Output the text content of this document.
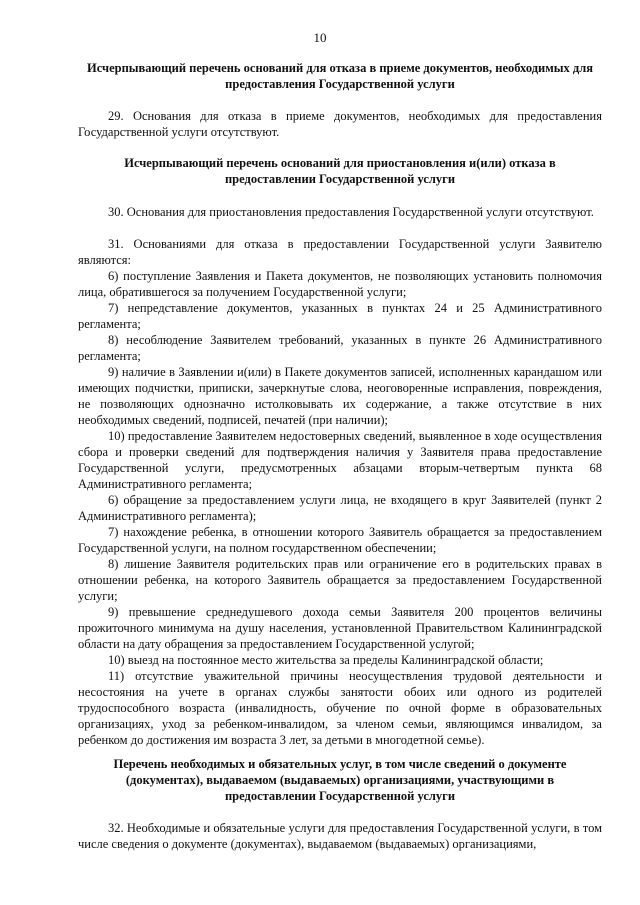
10
Исчерпывающий перечень оснований для отказа в приеме документов, необходимых для предоставления Государственной услуги

29. Основания для отказа в приеме документов, необходимых для предоставления Государственной услуги отсутствуют.

Исчерпывающий перечень оснований для приостановления и(или) отказа в предоставлении Государственной услуги

30. Основания для приостановления предоставления Государственной услуги отсутствуют.

31. Основаниями для отказа в предоставлении Государственной услуги Заявителю являются:

6) поступление Заявления и Пакета документов, не позволяющих установить полномочия лица, обратившегося за получением Государственной услуги;

7) непредставление документов, указанных в пунктах 24 и 25 Административного регламента;

8) несоблюдение Заявителем требований, указанных в пункте 26 Административного регламента;

9) наличие в Заявлении и(или) в Пакете документов записей, исполненных карандашом или имеющих подчистки, приписки, зачеркнутые слова, неоговоренные исправления, повреждения, не позволяющих однозначно истолковывать их содержание, а также отсутствие в них необходимых сведений, подписей, печатей (при наличии);

10) предоставление Заявителем недостоверных сведений, выявленное в ходе осуществления сбора и проверки сведений для подтверждения наличия у Заявителя права предоставление Государственной услуги, предусмотренных абзацами вторым-четвертым пункта 68 Административного регламента;

6) обращение за предоставлением услуги лица, не входящего в круг Заявителей (пункт 2 Административного регламента);

7) нахождение ребенка, в отношении которого Заявитель обращается за предоставлением Государственной услуги, на полном государственном обеспечении;

8) лишение Заявителя родительских прав или ограничение его в родительских правах в отношении ребенка, на которого Заявитель обращается за предоставлением Государственной услуги;

9) превышение среднедушевого дохода семьи Заявителя 200 процентов величины прожиточного минимума на душу населения, установленной Правительством Калининградской области на дату обращения за предоставлением Государственной услугой;

10) выезд на постоянное место жительства за пределы Калининградской области;

11) отсутствие уважительной причины неосуществления трудовой деятельности и несостояния на учете в органах службы занятости обоих или одного из родителей трудоспособного возраста (инвалидность, обучение по очной форме в образовательных организациях, уход за ребенком-инвалидом, за членом семьи, являющимся инвалидом, за ребенком до достижения им возраста 3 лет, за детьми в многодетной семье).

Перечень необходимых и обязательных услуг, в том числе сведений о документе (документах), выдаваемом (выдаваемых) организациями, участвующими в предоставлении Государственной услуги

32. Необходимые и обязательные услуги для предоставления Государственной услуги, в том числе сведения о документе (документах), выдаваемом (выдаваемых) организациями,
